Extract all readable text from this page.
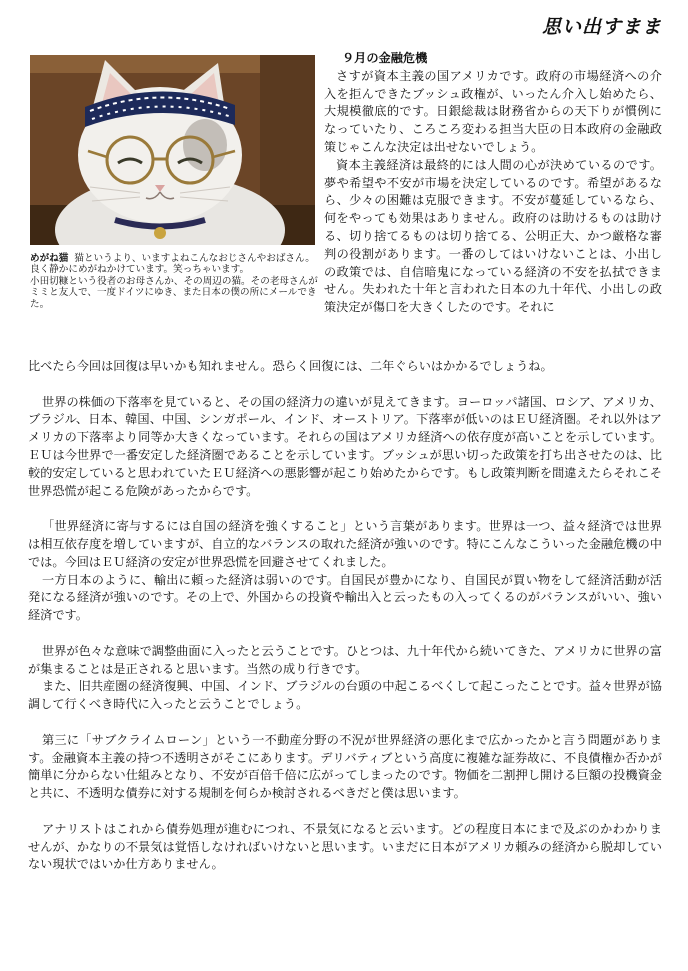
思い出すまま

めがね猫 猫というより、いますよねこんなおじさんやおばさん。良く静かにめがねかけています。笑っちゃいます。

小田切糠という役者のお母さんか、その周辺の猫。その老母さんがミミと友人で、一度ドイツにゆき、また日本の僕の所にメールできた。

９月の金融危機

さすが資本主義の国アメリカです。政府の市場経済への介入を拒んできたブッシュ政権が、いったん介入し始めたら、大規模徹底的です。日銀総裁は財務省からの天下りが慣例になっていたり、ころころ変わる担当大臣の日本政府の金融政策じゃこんな決定は出せないでしょう。

資本主義経済は最終的には人間の心が決めているのです。夢や希望や不安が市場を決定しているのです。希望があるなら、少々の困難は克服できます。不安が蔓延しているなら、何をやっても効果はありません。政府のは助けるものは助ける、切り捨てるものは切り捨てる、公明正大、かつ厳格な審判の役割があります。一番のしてはいけないことは、小出しの政策では、自信暗鬼になっている経済の不安を払拭できません。失われた十年と言われた日本の九十年代、小出しの政策決定が傷口を大きくしたのです。それに

比べたら今回は回復は早いかも知れません。恐らく回復には、二年ぐらいはかかるでしょうね。

世界の株価の下落率を見ていると、その国の経済力の違いが見えてきます。ヨーロッパ諸国、ロシア、アメリカ、ブラジル、日本、韓国、中国、シンガポール、インド、オーストリア。下落率が低いのはＥＵ経済圏。それ以外はアメリカの下落率より同等か大きくなっています。それらの国はアメリカ経済への依存度が高いことを示しています。ＥＵは今世界で一番安定した経済圏であることを示しています。ブッシュが思い切った政策を打ち出させたのは、比較的安定していると思われていたＥＵ経済への悪影響が起こり始めたからです。もし政策判断を間違えたらそれこそ世界恐慌が起こる危険があったからです。

「世界経済に寄与するには自国の経済を強くすること」という言葉があります。世界は一つ、益々経済では世界は相互依存度を増していますが、自立的なバランスの取れた経済が強いのです。特にこんなこういった金融危機の中では。今回はＥＵ経済の安定が世界恐慌を回避させてくれました。

一方日本のように、輸出に頼った経済は弱いのです。自国民が豊かになり、自国民が買い物をして経済活動が活発になる経済が強いのです。その上で、外国からの投資や輸出入と云ったもの入ってくるのがバランスがいい、強い経済です。

世界が色々な意味で調整曲面に入ったと云うことです。ひとつは、九十年代から続いてきた、アメリカに世界の富が集まることは是正されると思います。当然の成り行きです。

また、旧共産圏の経済復興、中国、インド、ブラジルの台頭の中起こるべくして起こったことです。益々世界が協調して行くべき時代に入ったと云うことでしょう。

第三に「サブクライムローン」という一不動産分野の不況が世界経済の悪化まで広かったかと言う問題があります。金融資本主義の持つ不透明さがそこにあります。デリバティブという高度に複雑な証券故に、不良債権か否かが簡単に分からない仕組みとなり、不安が百倍千倍に広がってしまったのです。物価を二割押し開ける巨額の投機資金と共に、不透明な債券に対する規制を何らか検討されるべきだと僕は思います。

アナリストはこれから債券処理が進むにつれ、不景気になると云います。どの程度日本にまで及ぶのかわかりませんが、かなりの不景気は覚悟しなければいけないと思います。いまだに日本がアメリカ頼みの経済から脱却していない現状ではいか仕方ありません。
